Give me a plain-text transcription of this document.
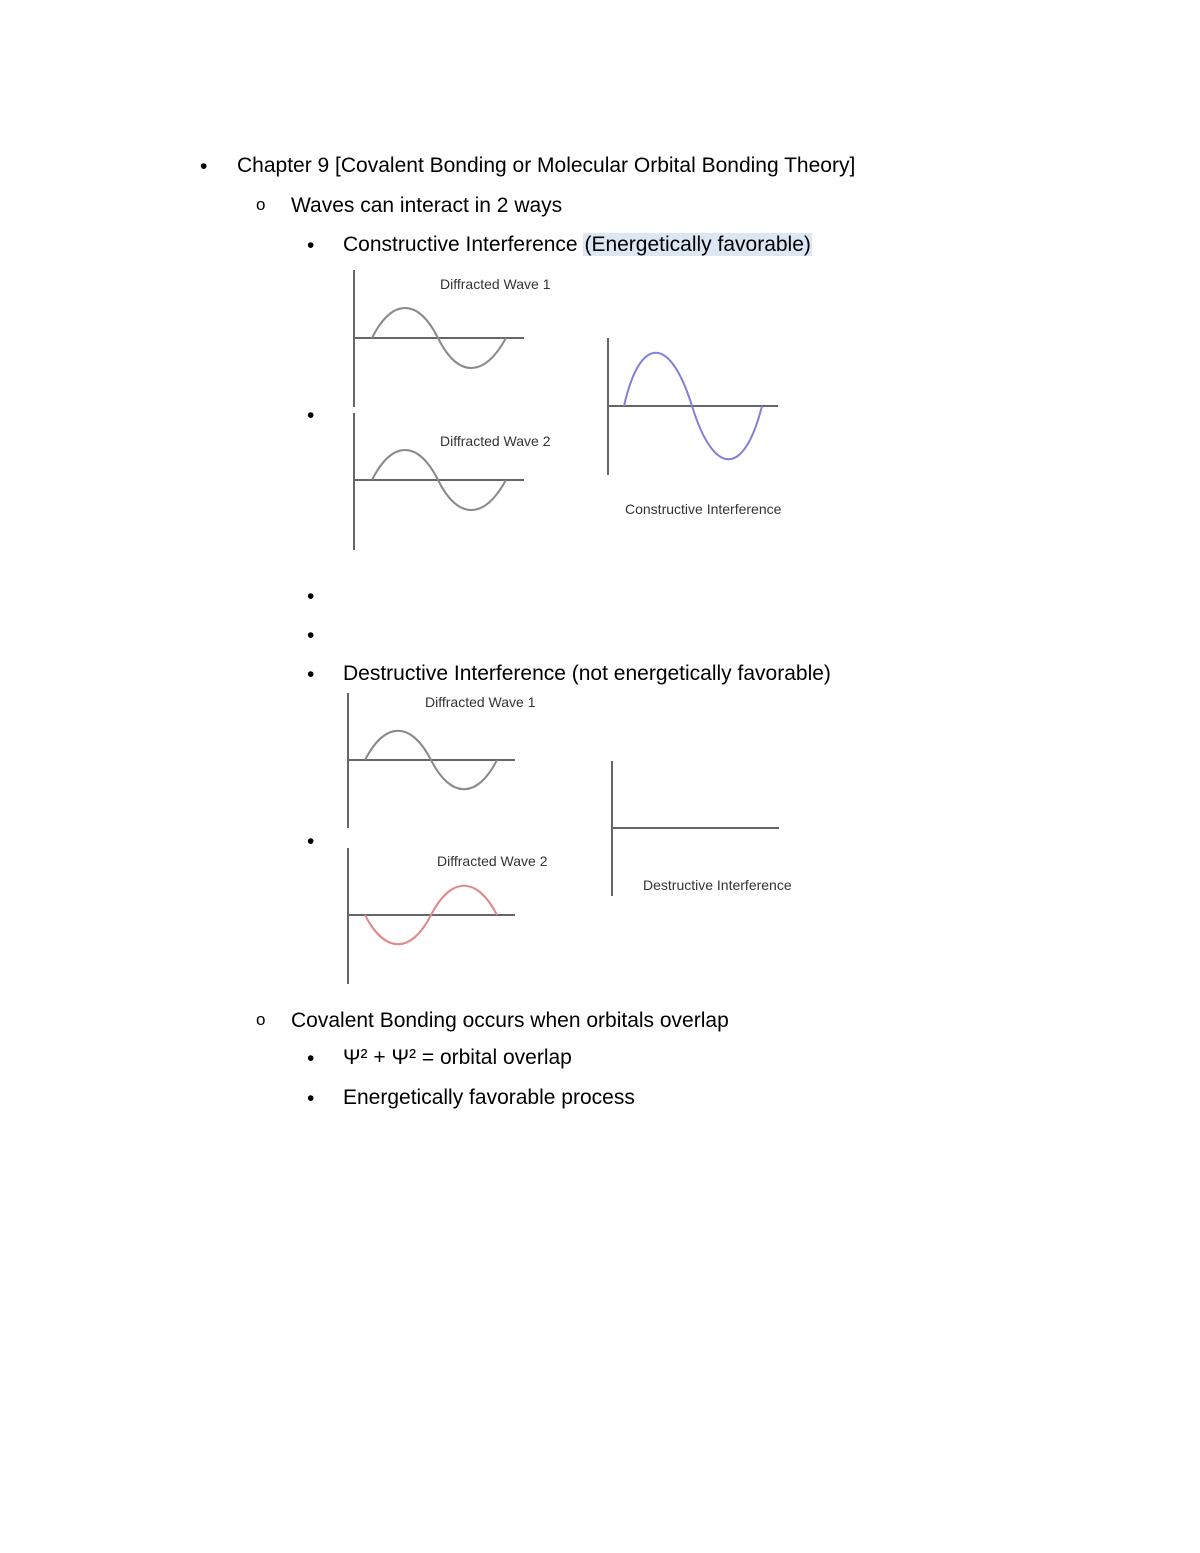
• Chapter 9 [Covalent Bonding or Molecular Orbital Bonding Theory]
o Waves can interact in 2 ways
• Constructive Interference (Energetically favorable)
•
Diffracted Wave 1
Diffracted Wave 2
Constructive Interference
•
•
• Destructive Interference (not energetically favorable)
•
Diffracted Wave 1
Diffracted Wave 2
Destructive Interference
o Covalent Bonding occurs when orbitals overlap
• Ψ² + Ψ² = orbital overlap
• Energetically favorable process
